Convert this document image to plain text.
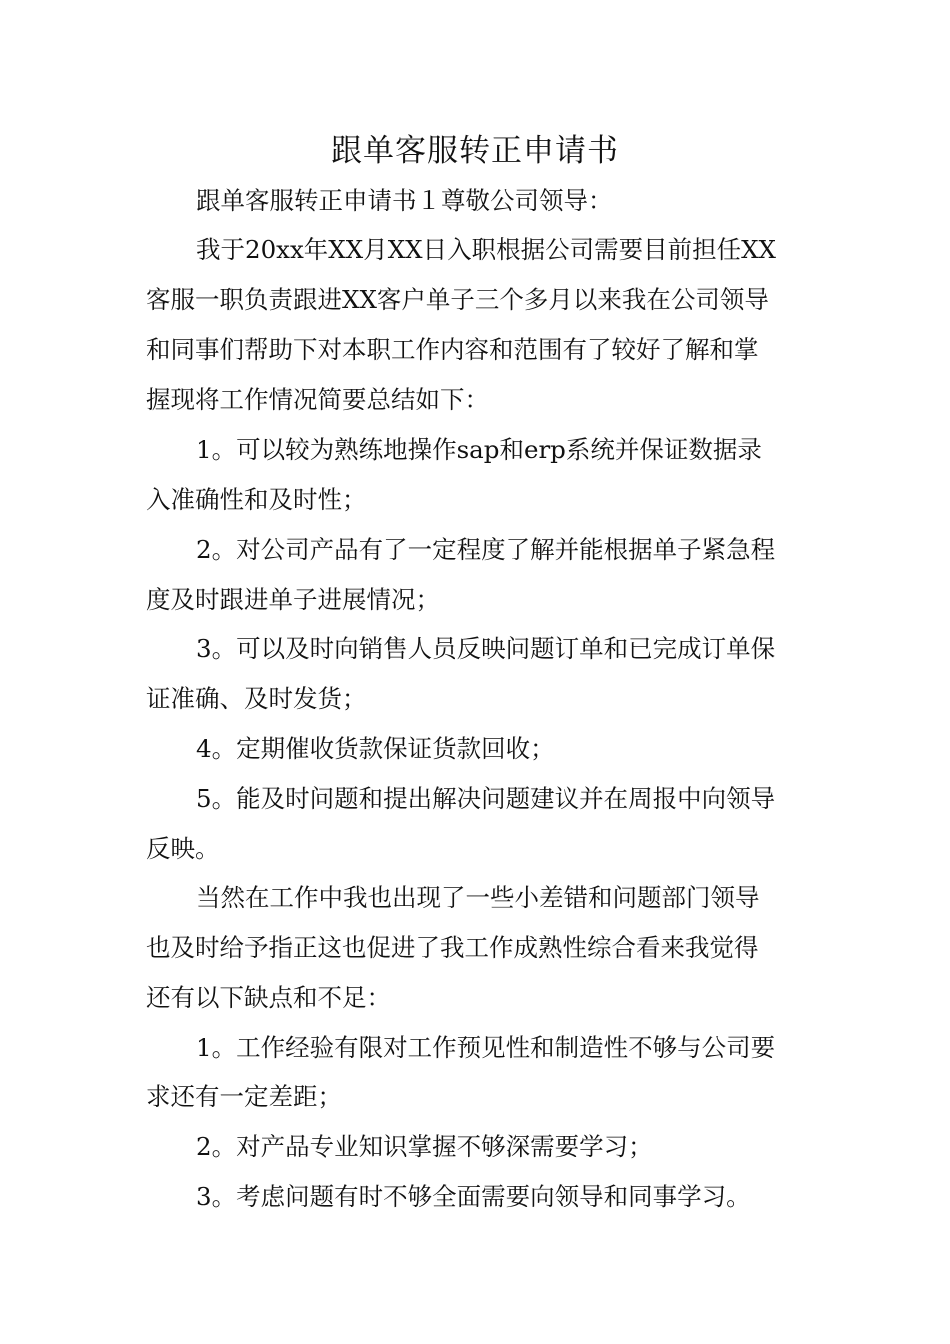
跟单客服转正申请书

跟单客服转正申请书１尊敬公司领导：

我于20xx年XX月XX日入职根据公司需要目前担任XX

客服一职负责跟进XX客户单子三个多月以来我在公司领导

和同事们帮助下对本职工作内容和范围有了较好了解和掌

握现将工作情况简要总结如下：

1。可以较为熟练地操作sap和erp系统并保证数据录

入准确性和及时性；

2。对公司产品有了一定程度了解并能根据单子紧急程

度及时跟进单子进展情况；

3。可以及时向销售人员反映问题订单和已完成订单保

证准确、及时发货；

4。定期催收货款保证货款回收；

5。能及时问题和提出解决问题建议并在周报中向领导

反映。

当然在工作中我也出现了一些小差错和问题部门领导

也及时给予指正这也促进了我工作成熟性综合看来我觉得

还有以下缺点和不足：

1。工作经验有限对工作预见性和制造性不够与公司要

求还有一定差距；

2。对产品专业知识掌握不够深需要学习；

3。考虑问题有时不够全面需要向领导和同事学习。
